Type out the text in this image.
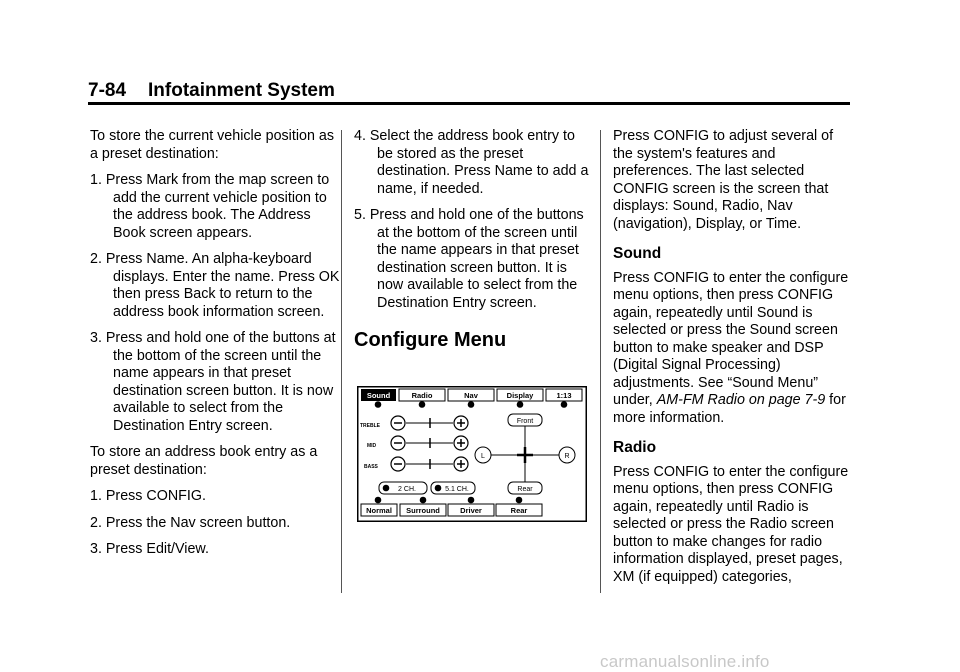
7-84 Infotainment System

To store the current vehicle position as a preset destination:

1. Press Mark from the map screen to add the current vehicle position to the address book. The Address Book screen appears.

2. Press Name. An alpha-keyboard displays. Enter the name. Press OK then press Back to return to the address book information screen.

3. Press and hold one of the buttons at the bottom of the screen until the name appears in that preset destination screen button. It is now available to select from the Destination Entry screen.

To store an address book entry as a preset destination:

1. Press CONFIG.

2. Press the Nav screen button.

3. Press Edit/View.

4. Select the address book entry to be stored as the preset destination. Press Name to add a name, if needed.

5. Press and hold one of the buttons at the bottom of the screen until the name appears in that preset destination screen button. It is now available to select from the Destination Entry screen.

Configure Menu
Sound	Radio	Nav	Display	1:13
TREBLE
MID
BASS
Front
L	R
Rear
2 CH.	5.1 CH.
Normal Surround	Driver	Rear

Press CONFIG to adjust several of the system's features and preferences. The last selected CONFIG screen is the screen that displays: Sound, Radio, Nav (navigation), Display, or Time.

Sound

Press CONFIG to enter the configure menu options, then press CONFIG again, repeatedly until Sound is selected or press the Sound screen button to make speaker and DSP (Digital Signal Processing) adjustments. See “Sound Menu” under, AM-FM Radio on page 7-9 for more information.

Radio

Press CONFIG to enter the configure menu options, then press CONFIG again, repeatedly until Radio is selected or press the Radio screen button to make changes for radio information displayed, preset pages, XM (if equipped) categories,

carmanualsonline.info
